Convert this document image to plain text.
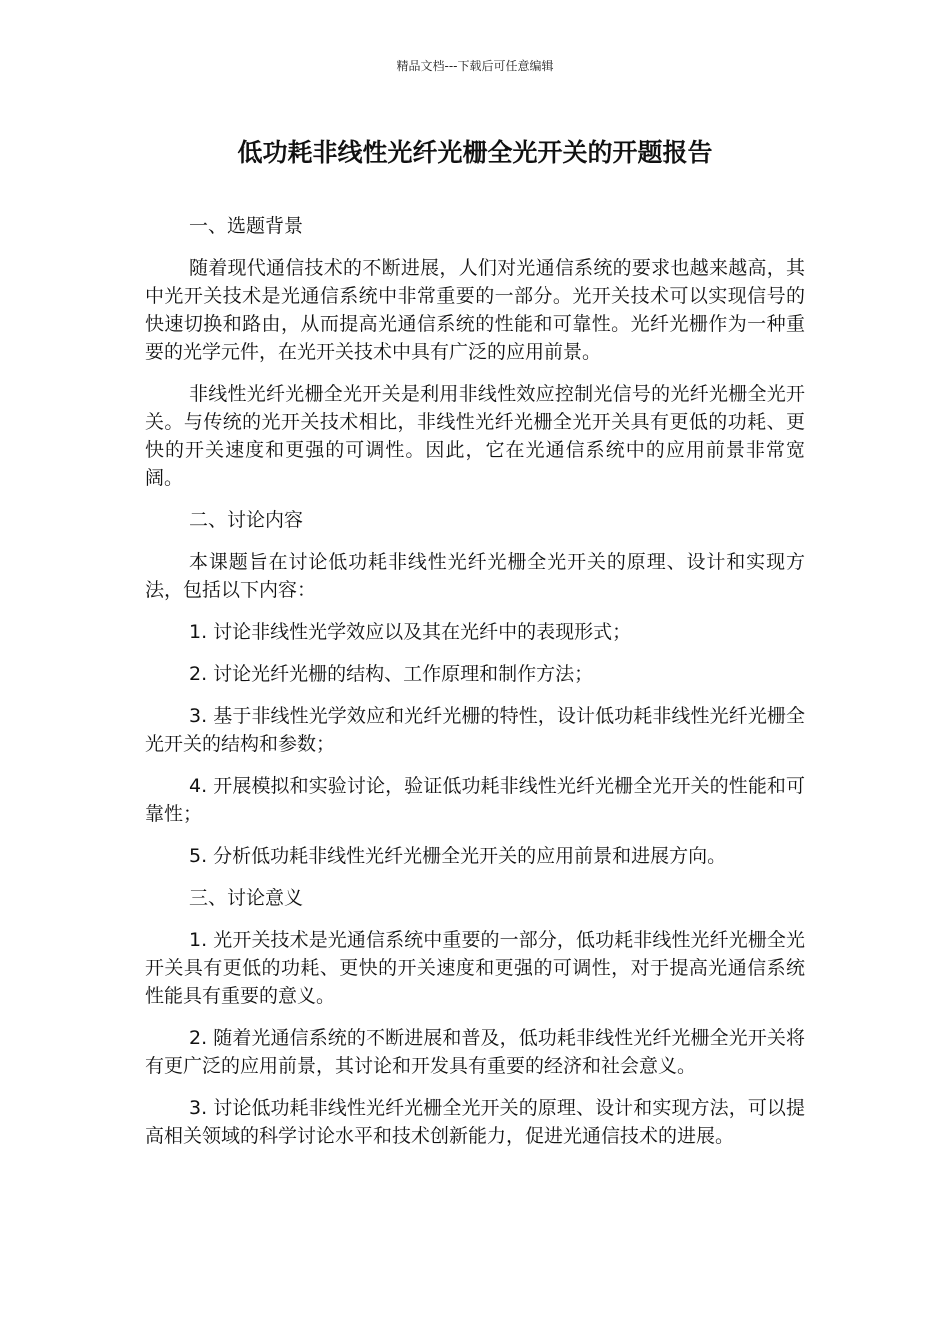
精品文档---下载后可任意编辑
低功耗非线性光纤光栅全光开关的开题报告

一、选题背景

随着现代通信技术的不断进展，人们对光通信系统的要求也越来越高，其中光开关技术是光通信系统中非常重要的一部分。光开关技术可以实现信号的快速切换和路由，从而提高光通信系统的性能和可靠性。光纤光栅作为一种重要的光学元件，在光开关技术中具有广泛的应用前景。

非线性光纤光栅全光开关是利用非线性效应控制光信号的光纤光栅全光开关。与传统的光开关技术相比，非线性光纤光栅全光开关具有更低的功耗、更快的开关速度和更强的可调性。因此，它在光通信系统中的应用前景非常宽阔。

二、讨论内容

本课题旨在讨论低功耗非线性光纤光栅全光开关的原理、设计和实现方法，包括以下内容：

1. 讨论非线性光学效应以及其在光纤中的表现形式；

2. 讨论光纤光栅的结构、工作原理和制作方法；

3. 基于非线性光学效应和光纤光栅的特性，设计低功耗非线性光纤光栅全光开关的结构和参数；

4. 开展模拟和实验讨论，验证低功耗非线性光纤光栅全光开关的性能和可靠性；

5. 分析低功耗非线性光纤光栅全光开关的应用前景和进展方向。

三、讨论意义

1. 光开关技术是光通信系统中重要的一部分，低功耗非线性光纤光栅全光开关具有更低的功耗、更快的开关速度和更强的可调性，对于提高光通信系统性能具有重要的意义。

2. 随着光通信系统的不断进展和普及，低功耗非线性光纤光栅全光开关将有更广泛的应用前景，其讨论和开发具有重要的经济和社会意义。

3. 讨论低功耗非线性光纤光栅全光开关的原理、设计和实现方法，可以提高相关领域的科学讨论水平和技术创新能力，促进光通信技术的进展。
